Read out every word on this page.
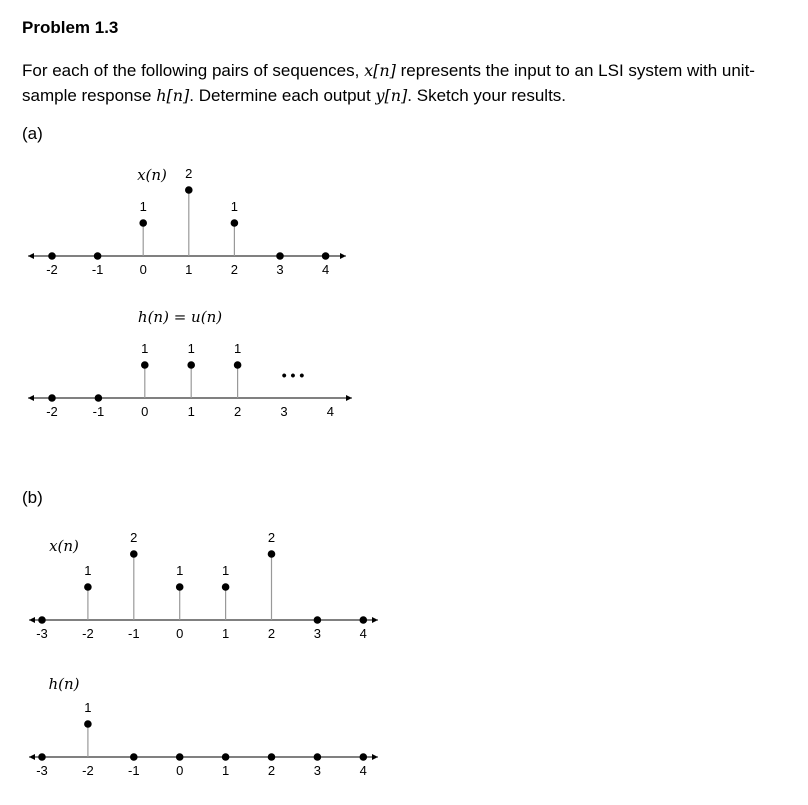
Problem 1.3
For each of the following pairs of sequences, x[n] represents the input to an LSI system with unit-sample response h[n]. Determine each output y[n]. Sketch your results.
(a)
(b)
x(n)
-2	-1	0
1
1
2
2
1
3	4
h(n) = u(n)
-2	-1	0
1
1
1
2
1
3	4
x(n)
-3	-2
1
-1
2
0
1
1
1
2
2
3	4
h(n)
-3	-2
1
-1	0	1	2	3	4
• • •
